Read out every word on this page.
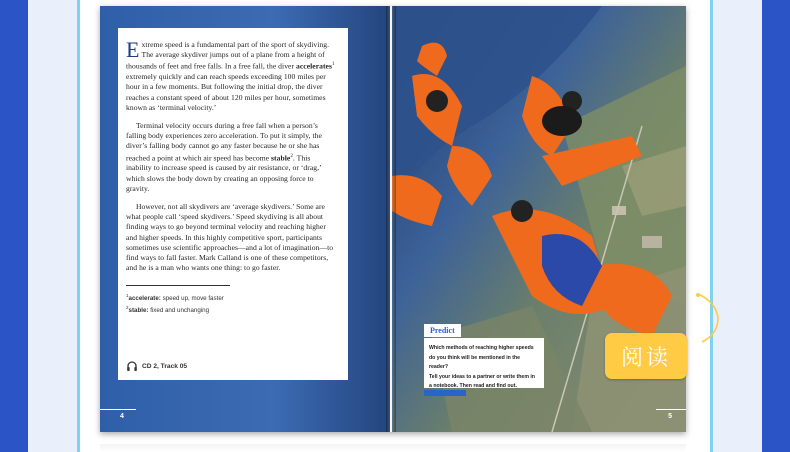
Extreme speed is a fundamental part of the sport of skydiving. The average skydiver jumps out of a plane from a height of thousands of feet and free falls. In a free fall, the diver accelerates$^1$ extremely quickly and can reach speeds exceeding 100 miles per hour in a few moments. But following the initial drop, the diver reaches a constant speed of about 120 miles per hour, sometimes known as ‘terminal velocity.’

Terminal velocity occurs during a free fall when a person’s falling body experiences zero acceleration. To put it simply, the diver’s falling body cannot go any faster because he or she has reached a point at which air speed has become stable$^2$. This inability to increase speed is caused by air resistance, or ‘drag,’ which slows the body down by creating an opposing force to gravity.

However, not all skydivers are ‘average skydivers.’ Some are what people call ‘speed skydivers.’ Speed skydiving is all about finding ways to go beyond terminal velocity and reaching higher and higher speeds. In this highly competitive sport, participants sometimes use scientific approaches—and a lot of imagination—to find ways to fall faster. Mark Calland is one of these competitors, and he is a man who wants one thing: to go faster.

$^1$accelerate: speed up, move faster
$^2$stable: fixed and unchanging
CD 2, Track 05
4
Predict
Which methods of reaching higher speeds
do you think will be mentioned in the reader?
Tell your ideas to a partner or write them in
a notebook. Then read and find out.
5
阅读
